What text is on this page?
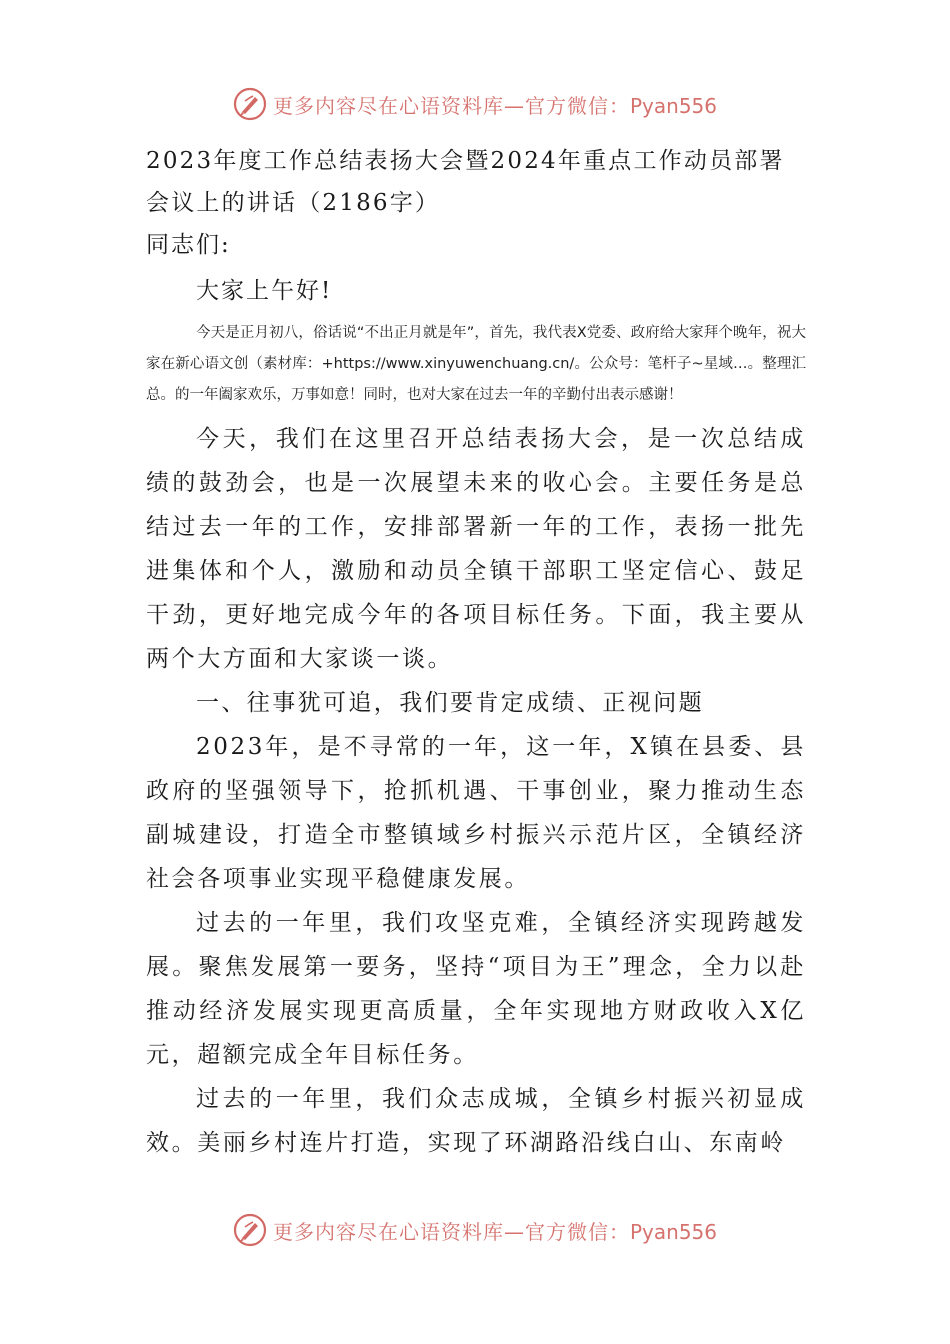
更多内容尽在心语资料库—官方微信：Pyan556

2023年度工作总结表扬大会暨2024年重点工作动员部署会议上的讲话（2186字）

同志们:

大家上午好!

今天是正月初八，俗话说“不出正月就是年”，首先，我代表X党委、政府给大家拜个晚年，祝大家在新心语文创（素材库：+https://www.xinyuwenchuang.cn/。公众号：笔杆子~星域…。整理汇总。的一年阖家欢乐，万事如意！同时，也对大家在过去一年的辛勤付出表示感谢！

今天，我们在这里召开总结表扬大会，是一次总结成绩的鼓劲会，也是一次展望未来的收心会。主要任务是总结过去一年的工作，安排部署新一年的工作，表扬一批先进集体和个人，激励和动员全镇干部职工坚定信心、鼓足干劲，更好地完成今年的各项目标任务。下面，我主要从两个大方面和大家谈一谈。

一、往事犹可追，我们要肯定成绩、正视问题

2023年，是不寻常的一年，这一年，X镇在县委、县政府的坚强领导下，抢抓机遇、干事创业，聚力推动生态副城建设，打造全市整镇域乡村振兴示范片区，全镇经济社会各项事业实现平稳健康发展。

过去的一年里，我们攻坚克难，全镇经济实现跨越发展。聚焦发展第一要务，坚持“项目为王”理念，全力以赴推动经济发展实现更高质量，全年实现地方财政收入X亿元，超额完成全年目标任务。

过去的一年里，我们众志成城，全镇乡村振兴初显成效。美丽乡村连片打造，实现了环湖路沿线白山、东南岭

更多内容尽在心语资料库—官方微信：Pyan556
